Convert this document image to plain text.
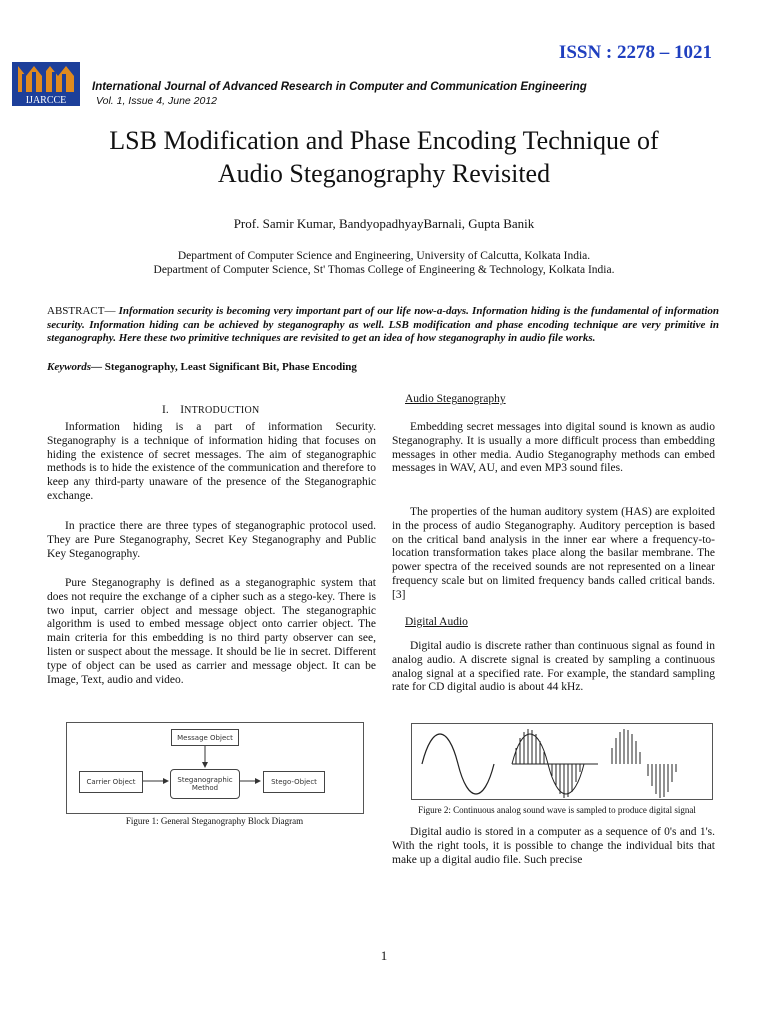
ISSN : 2278 – 1021
IJARCCE
International Journal of Advanced Research in Computer and Communication Engineering
Vol. 1, Issue 4, June 2012
LSB Modification and Phase Encoding Technique of
Audio Steganography Revisited
Prof. Samir Kumar, BandyopadhyayBarnali, Gupta Banik
Department of Computer Science and Engineering, University of Calcutta, Kolkata India.
Department of Computer Science, St' Thomas College of Engineering & Technology, Kolkata India.
ABSTRACT— Information security is becoming very important part of our life now-a-days. Information hiding is the fundamental of information security. Information hiding can be achieved by steganography as well. LSB modification and phase encoding technique are very primitive in steganography. Here these two primitive techniques are revisited to get an idea of how steganography in audio file works.
Keywords— Steganography, Least Significant Bit, Phase Encoding
I. INTRODUCTION

Information hiding is a part of information Security. Steganography is a technique of information hiding that focuses on hiding the existence of secret messages. The aim of steganographic methods is to hide the existence of the communication and therefore to keep any third-party unaware of the presence of the Steganographic exchange.

In practice there are three types of steganographic protocol used. They are Pure Steganography, Secret Key Steganography and Public Key Steganography.

Pure Steganography is defined as a steganographic system that does not require the exchange of a cipher such as a stego-key. There is two input, carrier object and message object. The steganographic algorithm is used to embed message object onto carrier object. The main criteria for this embedding is no third party observer can see, listen or suspect about the message. It should be lie in secret. Different type of object can be used as carrier and message object. It can be Image, Text, audio and video.

Message Object
Carrier Object	Steganographic Method
Stego-Object
Figure 1: General Steganography Block Diagram
Audio Steganography

Embedding secret messages into digital sound is known as audio Steganography. It is usually a more difficult process than embedding messages in other media. Audio Steganography methods can embed messages in WAV, AU, and even MP3 sound files.

The properties of the human auditory system (HAS) are exploited in the process of audio Steganography. Auditory perception is based on the critical band analysis in the inner ear where a frequency-to-location transformation takes place along the basilar membrane. The power spectra of the received sounds are not represented on a linear frequency scale but on limited frequency bands called critical bands. [3]

Digital Audio

Digital audio is discrete rather than continuous signal as found in analog audio. A discrete signal is created by sampling a continuous analog signal at a specified rate. For example, the standard sampling rate for CD digital audio is about 44 kHz.

Figure 2: Continuous analog sound wave is sampled to produce digital signal

Digital audio is stored in a computer as a sequence of 0's and 1's. With the right tools, it is possible to change the individual bits that make up a digital audio file. Such precise

1
